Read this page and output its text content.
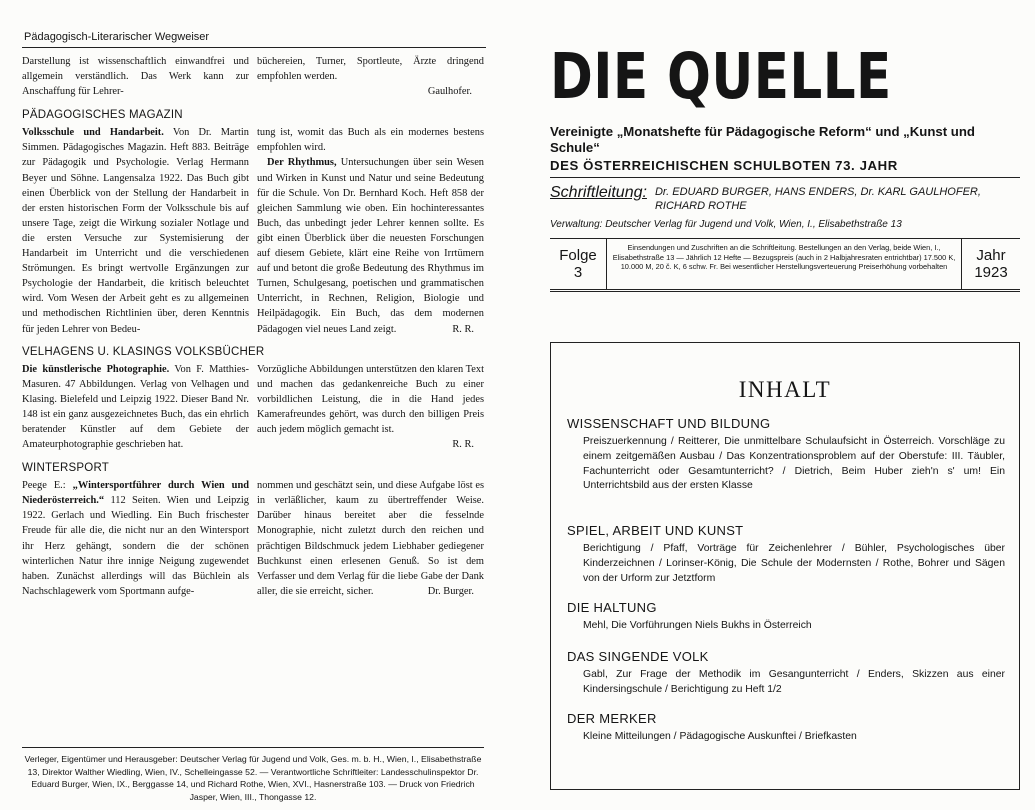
Pädagogisch-Literarischer Wegweiser

Darstellung ist wissenschaftlich einwandfrei und allgemein verständlich. Das Werk kann zur Anschaffung für Lehrer-

büchereien, Turner, Sportleute, Ärzte dringend empfohlen werden.

Gaulhofer.

PÄDAGOGISCHES MAGAZIN

Volksschule und Handarbeit. Von Dr. Martin Simmen. Pädagogisches Magazin. Heft 883. Beiträge zur Pädagogik und Psychologie. Verlag Hermann Beyer und Söhne. Langensalza 1922. Das Buch gibt einen Überblick von der Stellung der Handarbeit in der ersten historischen Form der Volksschule bis auf unsere Tage, zeigt die Wirkung sozialer Notlage und die ersten Versuche zur Systemisierung der Handarbeit im Unterricht und die verschiedenen Strömungen. Es bringt wertvolle Ergänzungen zur Psychologie der Handarbeit, die kritisch beleuchtet wird. Vom Wesen der Arbeit geht es zu allgemeinen und methodischen Richtlinien über, deren Kenntnis für jeden Lehrer von Bedeu-

tung ist, womit das Buch als ein modernes bestens empfohlen wird.

Der Rhythmus, Untersuchungen über sein Wesen und Wirken in Kunst und Natur und seine Bedeutung für die Schule. Von Dr. Bernhard Koch. Heft 858 der gleichen Sammlung wie oben. Ein hochinteressantes Buch, das unbedingt jeder Lehrer kennen sollte. Es gibt einen Überblick über die neuesten Forschungen auf diesem Gebiete, klärt eine Reihe von Irrtümern auf und betont die große Bedeutung des Rhythmus im Turnen, Schulgesang, poetischen und grammatischen Unterricht, in Rechnen, Religion, Biologie und Heilpädagogik. Ein Buch, das dem modernen Pädagogen viel neues Land zeigt.	R. R.

VELHAGENS U. KLASINGS VOLKSBÜCHER

Die künstlerische Photographie. Von F. Matthies-Masuren. 47 Abbildungen. Verlag von Velhagen und Klasing. Bielefeld und Leipzig 1922. Dieser Band Nr. 148 ist ein ganz ausgezeichnetes Buch, das ein ehrlich beratender Künstler auf dem Gebiete der Amateurphotographie geschrieben hat.

Vorzügliche Abbildungen unterstützen den klaren Text und machen das gedankenreiche Buch zu einer vorbildlichen Leistung, die in die Hand jedes Kamerafreundes gehört, was durch den billigen Preis auch jedem möglich gemacht ist.

R. R.

WINTERSPORT

Peege E.: „Wintersportführer durch Wien und Niederösterreich.“ 112 Seiten. Wien und Leipzig 1922. Gerlach und Wiedling. Ein Buch frischester Freude für alle die, die nicht nur an den Wintersport ihr Herz gehängt, sondern die der schönen winterlichen Natur ihre innige Neigung zugewendet haben. Zunächst allerdings will das Büchlein als Nachschlagewerk vom Sportmann aufge-

nommen und geschätzt sein, und diese Aufgabe löst es in verläßlicher, kaum zu übertreffender Weise. Darüber hinaus bereitet aber die fesselnde Monographie, nicht zuletzt durch den reichen und prächtigen Bildschmuck jedem Liebhaber gediegener Buchkunst einen erlesenen Genuß. So ist dem Verfasser und dem Verlag für die liebe Gabe der Dank aller, die sie erreicht, sicher.	Dr. Burger.

Verleger, Eigentümer und Herausgeber: Deutscher Verlag für Jugend und Volk, Ges. m. b. H., Wien, I., Elisabethstraße 13, Direktor Walther Wiedling, Wien, IV., Schelleingasse 52. — Verantwortliche Schriftleiter: Landesschulinspektor Dr. Eduard Burger, Wien, IX., Berggasse 14, und Richard Rothe, Wien, XVI., Hasnerstraße 103. — Druck von Friedrich Jasper, Wien, III., Thongasse 12.
DIE QUELLE
Vereinigte „Monatshefte für Pädagogische Reform“ und „Kunst und Schule“
DES ÖSTERREICHISCHEN SCHULBOTEN 73. JAHR
Schriftleitung: Dr. EDUARD BURGER, HANS ENDERS, Dr. KARL GAULHOFER, RICHARD ROTHE
Verwaltung: Deutscher Verlag für Jugend und Volk, Wien, I., Elisabethstraße 13
Folge
3
Einsendungen und Zuschriften an die Schriftleitung. Bestellungen an den Verlag, beide Wien, I., Elisabethstraße 13 — Jährlich 12 Hefte — Bezugspreis (auch in 2 Halbjahresraten entrichtbar) 17.500 K, 10.000 M, 20 č. K, 6 schw. Fr. Bei wesentlicher Herstellungsverteuerung Preiserhöhung vorbehalten
Jahr
1923
INHALT
WISSENSCHAFT UND BILDUNG
Preiszuerkennung / Reitterer, Die unmittelbare Schulaufsicht in Österreich. Vorschläge zu einem zeitgemäßen Ausbau / Das Konzentrationsproblem auf der Oberstufe: III. Täubler, Fachunterricht oder Gesamtunterricht? / Dietrich, Beim Huber zieh'n s' um! Ein Unterrichtsbild aus der ersten Klasse
SPIEL, ARBEIT UND KUNST
Berichtigung / Pfaff, Vorträge für Zeichenlehrer / Bühler, Psychologisches über Kinderzeichnen / Lorinser-König, Die Schule der Modernsten / Rothe, Bohrer und Sägen von der Urform zur Jetztform
DIE HALTUNG
Mehl, Die Vorführungen Niels Bukhs in Österreich
DAS SINGENDE VOLK
Gabl, Zur Frage der Methodik im Gesangunterricht / Enders, Skizzen aus einer Kindersingschule / Berichtigung zu Heft 1/2
DER MERKER
Kleine Mitteilungen / Pädagogische Auskunftei / Briefkasten
